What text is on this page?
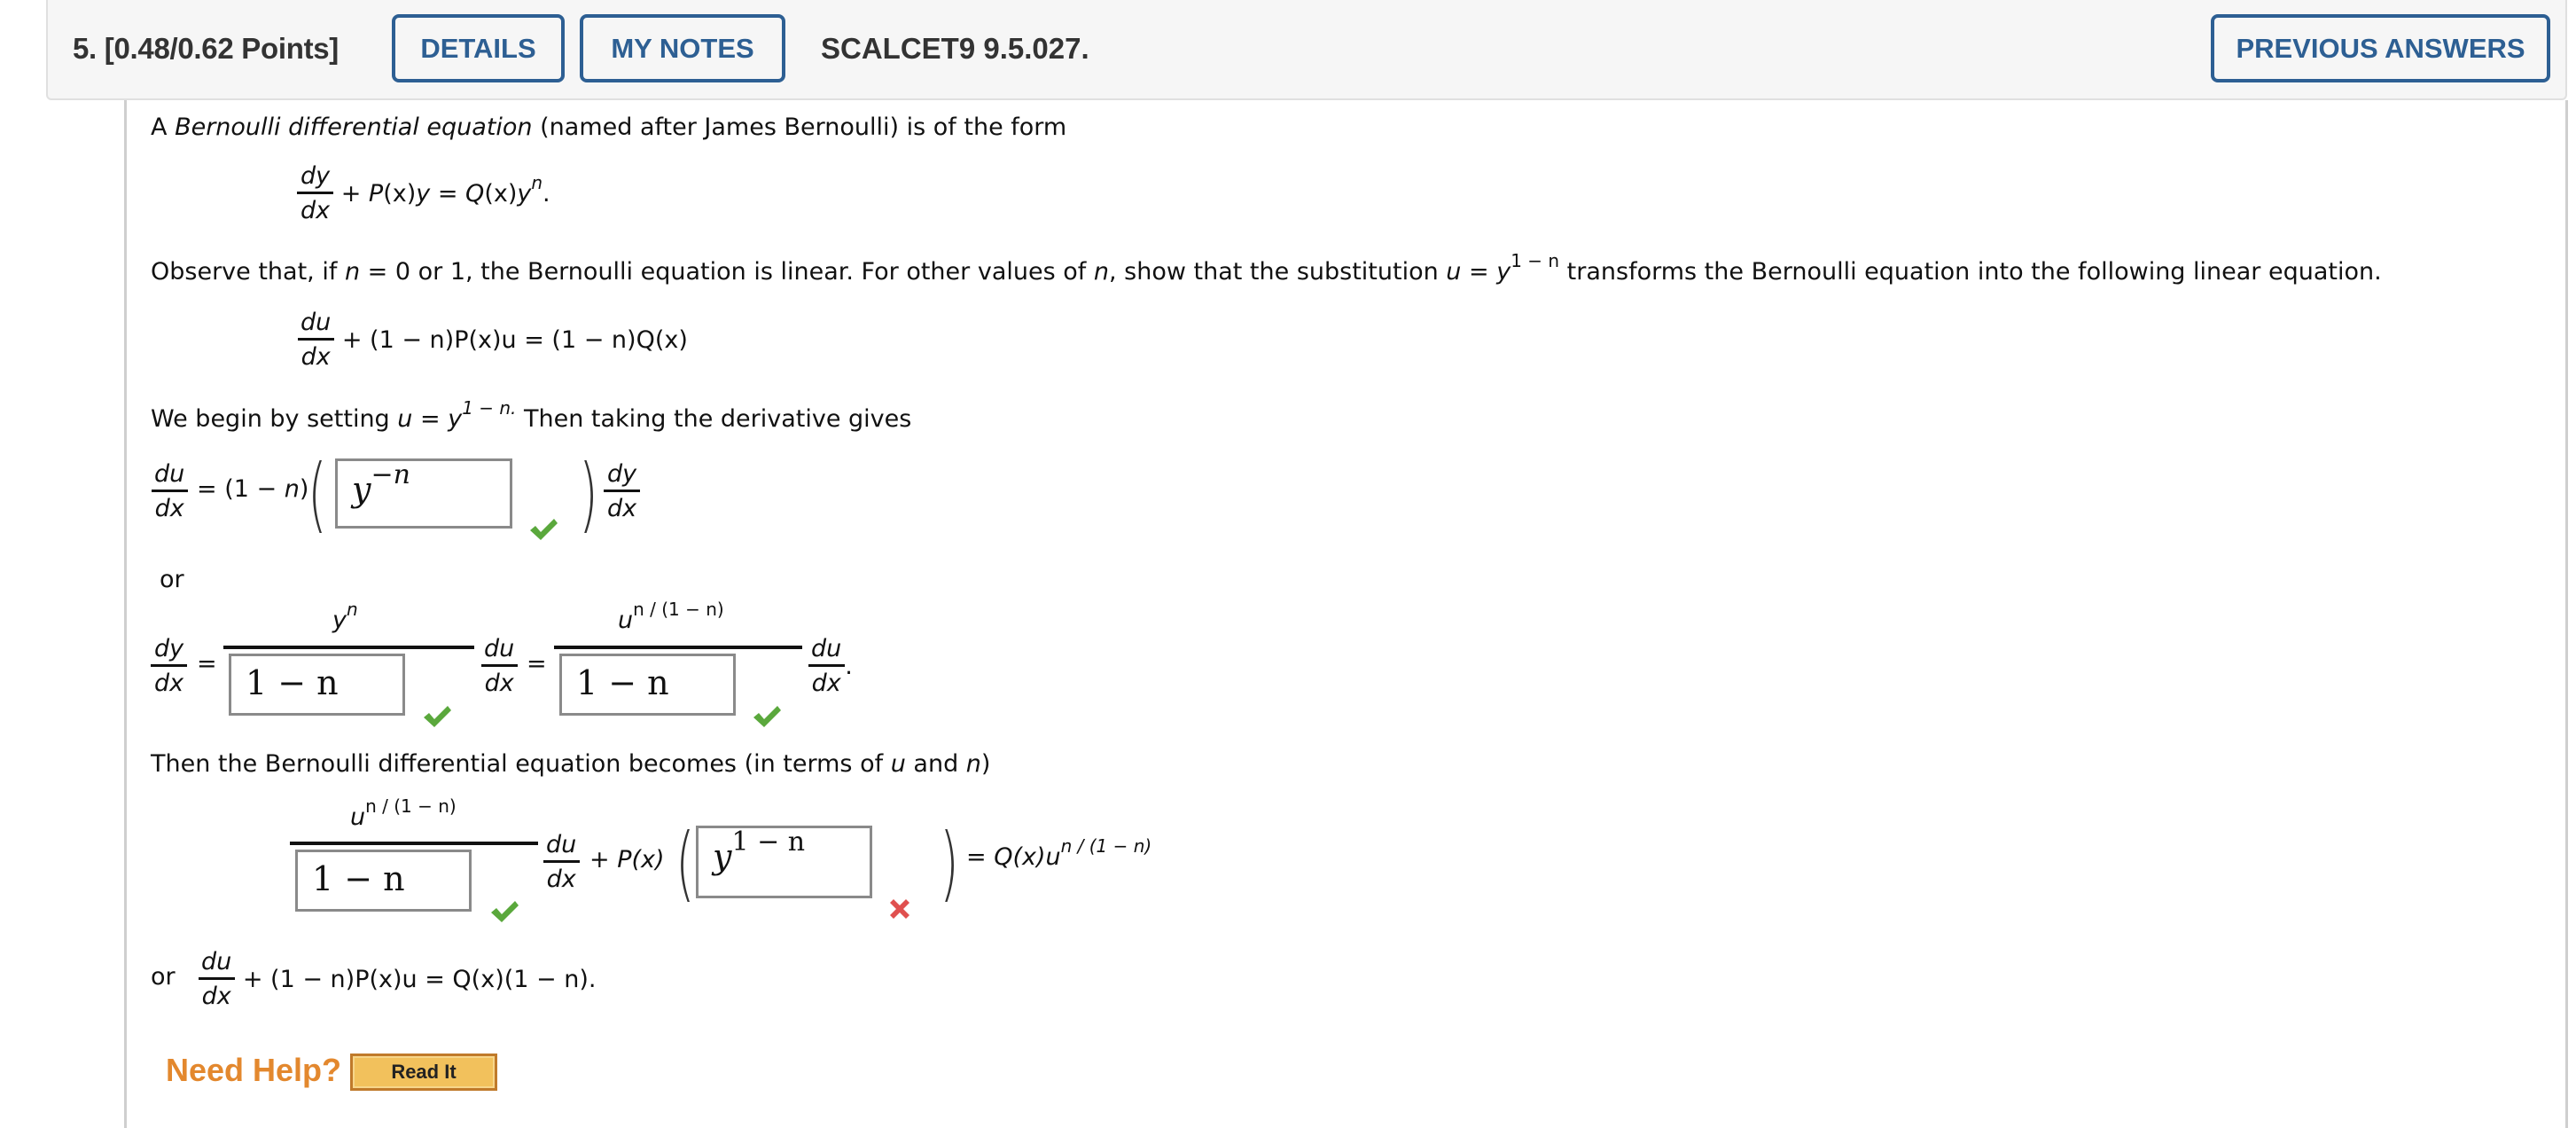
5. [0.48/0.62 Points]	DETAILS	MY NOTES	SCALCET9 9.5.027.	PREVIOUS ANSWERS
A Bernoulli differential equation (named after James Bernoulli) is of the form
$\frac{dy}{dx} + P(x)y = Q(x)y^n$.
Observe that, if n = 0 or 1, the Bernoulli equation is linear. For other values of n, show that the substitution $u = y^{1 - n}$ transforms the Bernoulli equation into the following linear equation.
$\frac{du}{dx} + (1 - n)P(x)u = (1 - n)Q(x)$
We begin by setting $u = y^{1 - n.}$ Then taking the derivative gives
$\frac{du}{dx} = (1 - n)$
( $y^{-n}$ ) $\frac{dy}{dx}$
or
$\frac{dy}{dx}$ =
$y^n$
1 − n	$\frac{du}{dx}$ =
$u^{n / (1 - n)}$
1 − n	$\frac{du}{dx}$ .
Then the Bernoulli differential equation becomes (in terms of u and n)
$u^{n / (1 - n)}$
1 − n	$\frac{du}{dx} + P(x)$ ( $y^{1 - n}$ ) = $Q(x)u^{n / (1 - n)}$
or $\frac{du}{dx} + (1 - n)P(x)u = Q(x)(1 - n)$.
Need Help?	Read It
